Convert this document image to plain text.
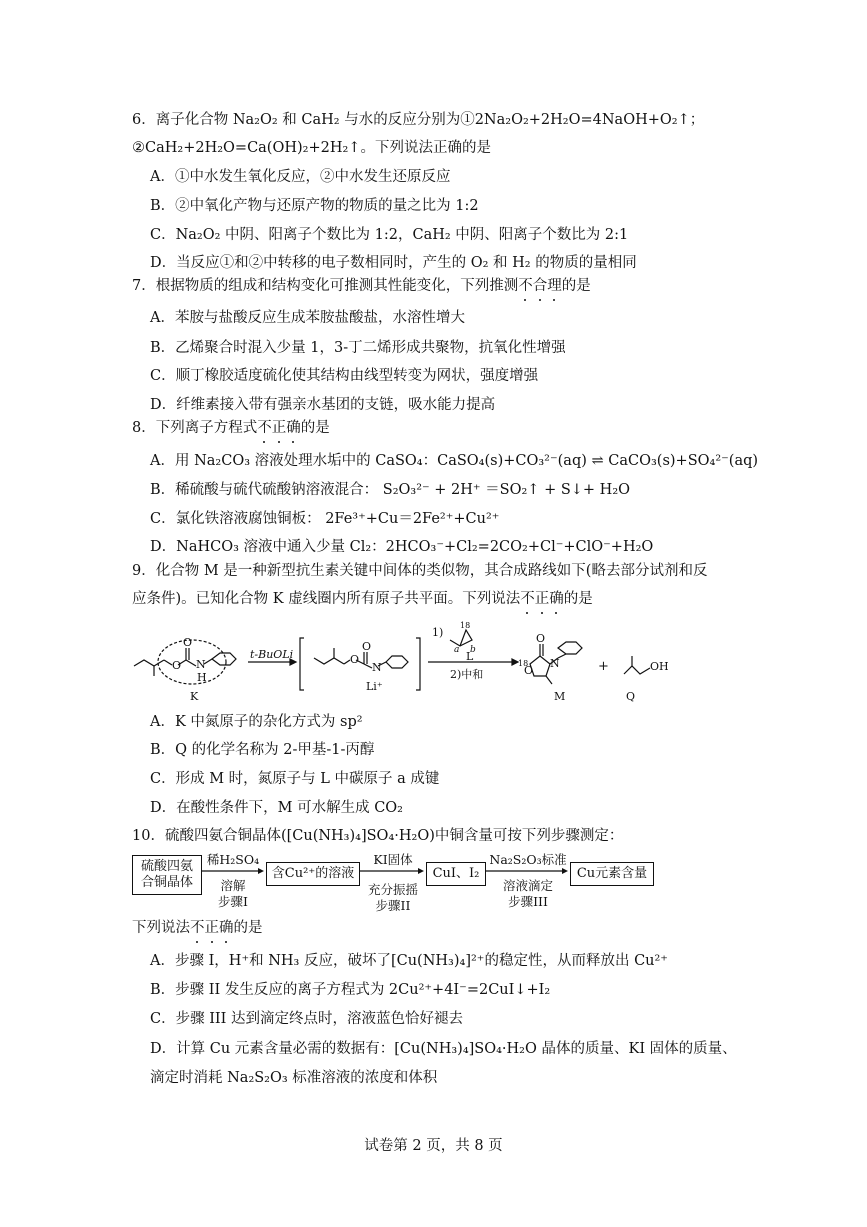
6．离子化合物 Na₂O₂ 和 CaH₂ 与水的反应分别为①2Na₂O₂+2H₂O=4NaOH+O₂↑；
②CaH₂+2H₂O=Ca(OH)₂+2H₂↑。下列说法正确的是
A．①中水发生氧化反应，②中水发生还原反应
B．②中氧化产物与还原产物的物质的量之比为 1:2
C．Na₂O₂ 中阴、阳离子个数比为 1:2，CaH₂ 中阴、阳离子个数比为 2:1
D．当反应①和②中转移的电子数相同时，产生的 O₂ 和 H₂ 的物质的量相同
7．根据物质的组成和结构变化可推测其性能变化，下列推测不合理的是
A．苯胺与盐酸反应生成苯胺盐酸盐，水溶性增大
B．乙烯聚合时混入少量 1，3-丁二烯形成共聚物，抗氧化性增强
C．顺丁橡胶适度硫化使其结构由线型转变为网状，强度增强
D．纤维素接入带有强亲水基团的支链，吸水能力提高
8．下列离子方程式不正确的是
A．用 Na₂CO₃ 溶液处理水垢中的 CaSO₄：CaSO₄(s)+CO₃²⁻(aq) ⇌ CaCO₃(s)+SO₄²⁻(aq)
B．稀硫酸与硫代硫酸钠溶液混合： S₂O₃²⁻ + 2H⁺ ＝SO₂↑ + S↓+ H₂O
C．氯化铁溶液腐蚀铜板： 2Fe³⁺+Cu＝2Fe²⁺+Cu²⁺
D．NaHCO₃ 溶液中通入少量 Cl₂：2HCO₃⁻+Cl₂=2CO₂+Cl⁻+ClO⁻+H₂O
9．化合物 M 是一种新型抗生素关键中间体的类似物，其合成路线如下(略去部分试剂和反
应条件)。已知化合物 K 虚线圈内所有原子共平面。下列说法不正确的是
O
O
N
H
K
t-BuOLi	O
O
N
Li⁺
1)
18
a b
L
2)中和
18
O
O
N
M
+	OH
Q
A．K 中氮原子的杂化方式为 sp²
B．Q 的化学名称为 2-甲基-1-丙醇
C．形成 M 时，氮原子与 L 中碳原子 a 成键
D．在酸性条件下，M 可水解生成 CO₂
10．硫酸四氨合铜晶体([Cu(NH₃)₄]SO₄·H₂O)中铜含量可按下列步骤测定：
硫酸四氨
合铜晶体
稀H₂SO₄
溶解
步骤I
含Cu²⁺的溶液
KI固体
充分振摇
步骤II
CuI、I₂
Na₂S₂O₃标准
溶液滴定
步骤III
Cu元素含量
下列说法不正确的是
A．步骤 I，H⁺和 NH₃ 反应，破坏了[Cu(NH₃)₄]²⁺的稳定性，从而释放出 Cu²⁺
B．步骤 II 发生反应的离子方程式为 2Cu²⁺+4I⁻=2CuI↓+I₂
C．步骤 III 达到滴定终点时，溶液蓝色恰好褪去
D．计算 Cu 元素含量必需的数据有：[Cu(NH₃)₄]SO₄·H₂O 晶体的质量、KI 固体的质量、
滴定时消耗 Na₂S₂O₃ 标准溶液的浓度和体积
试卷第 2 页，共 8 页
